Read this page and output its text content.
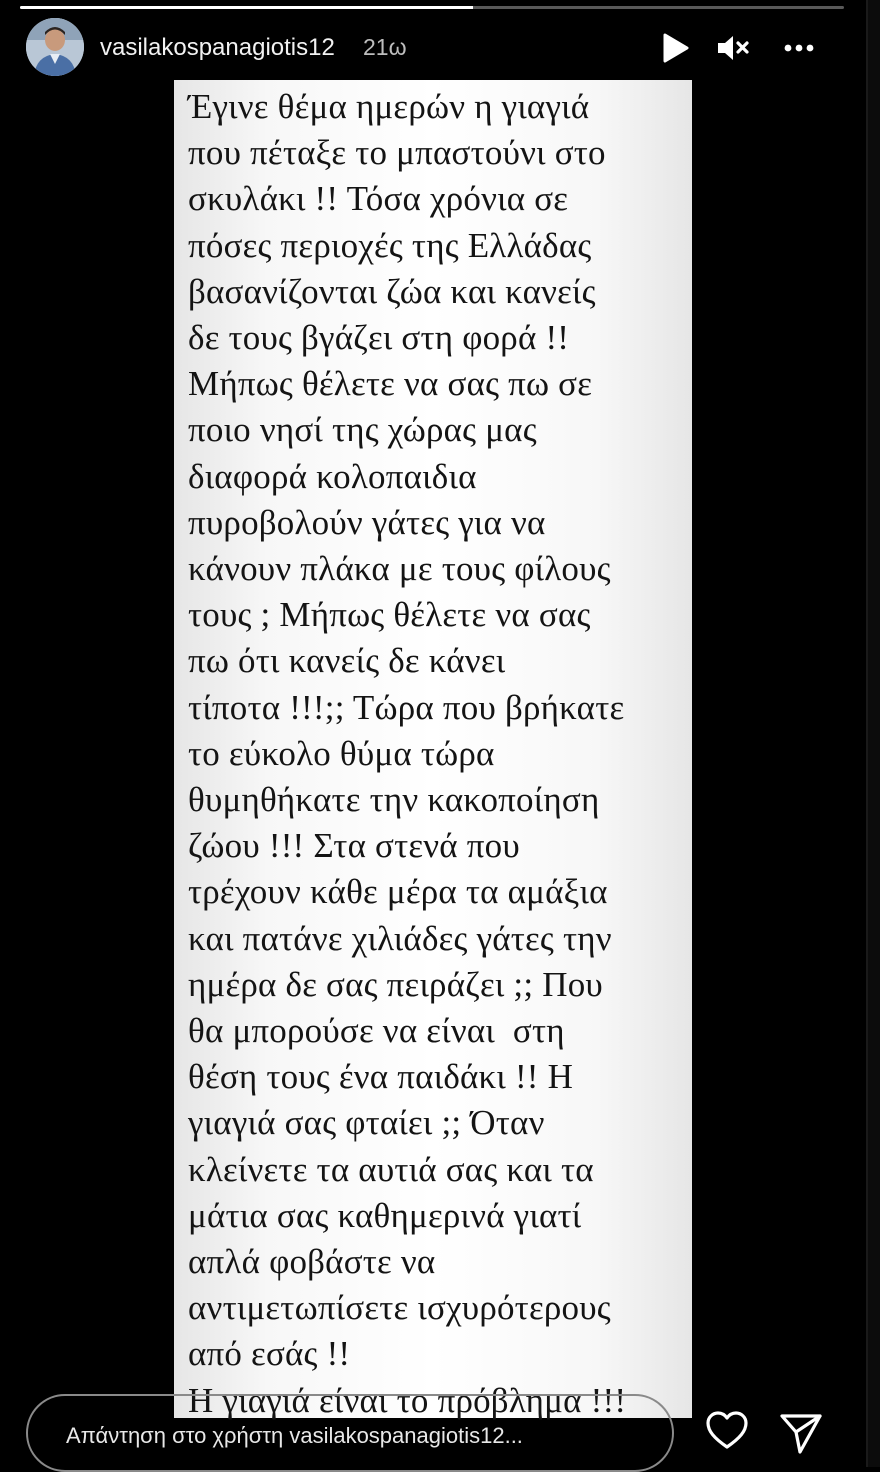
vasilakospanagiotis12 21ω

Έγινε θέμα ημερών η γιαγιά
που πέταξε το μπαστούνι στο
σκυλάκι !! Τόσα χρόνια σε
πόσες περιοχές της Ελλάδας
βασανίζονται ζώα και κανείς
δε τους βγάζει στη φορά !!
Μήπως θέλετε να σας πω σε
ποιο νησί της χώρας μας
διαφορά κολοπαιδια
πυροβολούν γάτες για να
κάνουν πλάκα με τους φίλους
τους ; Μήπως θέλετε να σας
πω ότι κανείς δε κάνει
τίποτα !!!;; Τώρα που βρήκατε
το εύκολο θύμα τώρα
θυμηθήκατε την κακοποίηση
ζώου !!! Στα στενά που
τρέχουν κάθε μέρα τα αμάξια
και πατάνε χιλιάδες γάτες την
ημέρα δε σας πειράζει ;; Που
θα μπορούσε να είναι  στη
θέση τους ένα παιδάκι !! Η
γιαγιά σας φταίει ;; Όταν
κλείνετε τα αυτιά σας και τα
μάτια σας καθημερινά γιατί
απλά φοβάστε να
αντιμετωπίσετε ισχυρότερους
από εσάς !!
Η γιαγιά είναι το πρόβλημα !!!

Απάντηση στο χρήστη vasilakospanagiotis12...
